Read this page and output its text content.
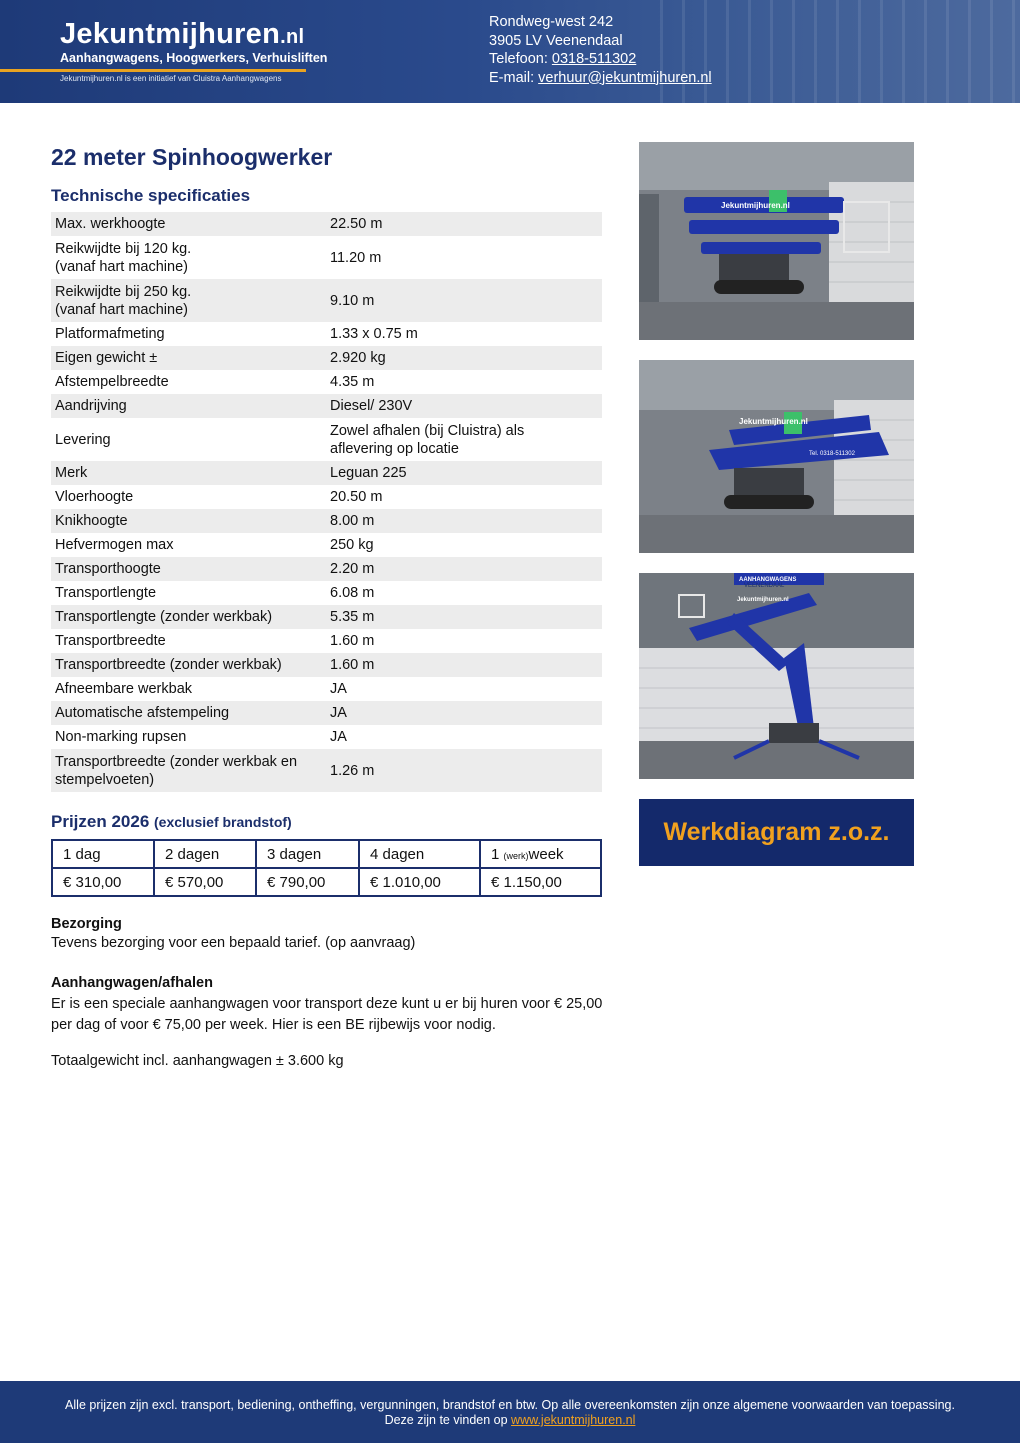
Jekuntmijhuren.nl
Aanhangwagens, Hoogwerkers, Verhuisliften
Jekuntmijhuren.nl is een initiatief van Cluistra Aanhangwagens
Rondweg-west 242
3905 LV Veenendaal
Telefoon: 0318-511302
E-mail: verhuur@jekuntmijhuren.nl
22 meter Spinhoogwerker
Technische specificaties
Max. werkhoogte	22.50 m
Reikwijdte bij 120 kg.
(vanaf hart machine)	11.20 m
Reikwijdte bij 250 kg.
(vanaf hart machine)	9.10 m
Platformafmeting	1.33 x 0.75 m
Eigen gewicht ±	2.920 kg
Afstempelbreedte	4.35 m
Aandrijving	Diesel/ 230V
Levering	Zowel afhalen (bij Cluistra) als
aflevering op locatie
Merk	Leguan 225
Vloerhoogte	20.50 m
Knikhoogte	8.00 m
Hefvermogen max	250 kg
Transporthoogte	2.20 m
Transportlengte	6.08 m
Transportlengte (zonder werkbak)	5.35 m
Transportbreedte	1.60 m
Transportbreedte (zonder werkbak)	1.60 m
Afneembare werkbak	JA
Automatische afstempeling	JA
Non-marking rupsen	JA
Transportbreedte (zonder werkbak en
stempelvoeten)	1.26 m
Prijzen 2026 (exclusief brandstof)
1 dag	2 dagen	3 dagen	4 dagen	1 (werk)week
€ 310,00	€ 570,00	€ 790,00	€ 1.010,00	€ 1.150,00
Bezorging
Tevens bezorging voor een bepaald tarief. (op aanvraag)
Aanhangwagen/afhalen
Er is een speciale aanhangwagen voor transport deze kunt u er bij huren voor € 25,00 per dag of voor € 75,00 per week. Hier is een BE rijbewijs voor nodig.
Totaalgewicht incl. aanhangwagen ± 3.600 kg
Jekuntmijhuren.nl
Jekuntmijhuren.nl
Tel. 0318-511302
AANHANGWAGENS
VEENENDAAL
Jekuntmijhuren.nl
Werkdiagram z.o.z.
Alle prijzen zijn excl. transport, bediening, ontheffing, vergunningen, brandstof en btw. Op alle overeenkomsten zijn onze algemene voorwaarden van toepassing.
Deze zijn te vinden op www.jekuntmijhuren.nl
